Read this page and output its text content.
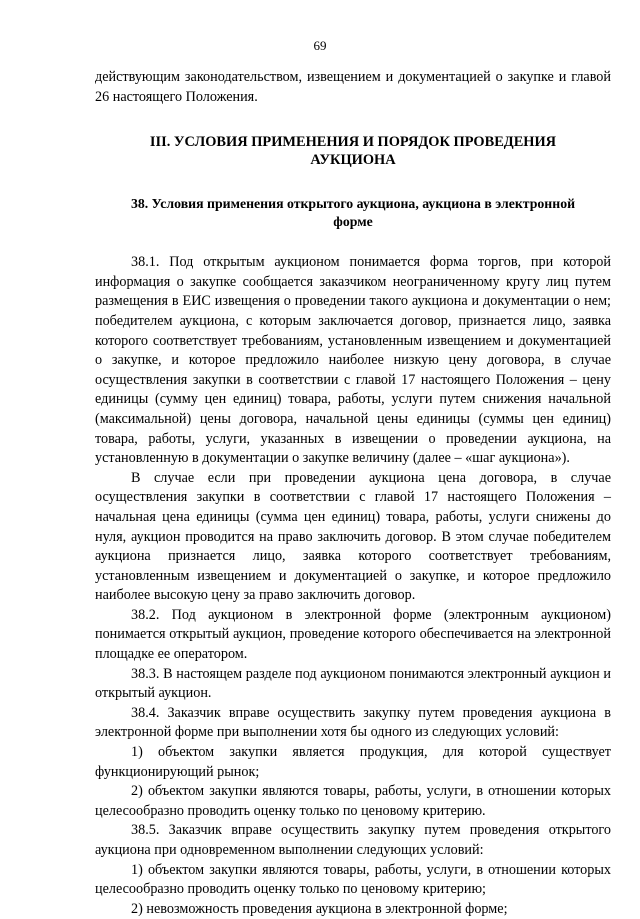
69

действующим законодательством, извещением и документацией о закупке и главой 26 настоящего Положения.

III. УСЛОВИЯ ПРИМЕНЕНИЯ И ПОРЯДОК ПРОВЕДЕНИЯ
АУКЦИОНА
38. Условия применения открытого аукциона, аукциона в электронной
форме

38.1. Под открытым аукционом понимается форма торгов, при которой информация о закупке сообщается заказчиком неограниченному кругу лиц путем размещения в ЕИС извещения о проведении такого аукциона и документации о нем; победителем аукциона, с которым заключается договор, признается лицо, заявка которого соответствует требованиям, установленным извещением и документацией о закупке, и которое предложило наиболее низкую цену договора, в случае осуществления закупки в соответствии с главой 17 настоящего Положения – цену единицы (сумму цен единиц) товара, работы, услуги путем снижения начальной (максимальной) цены договора, начальной цены единицы (суммы цен единиц) товара, работы, услуги, указанных в извещении о проведении аукциона, на установленную в документации о закупке величину (далее – «шаг аукциона»).

В случае если при проведении аукциона цена договора, в случае осуществления закупки в соответствии с главой 17 настоящего Положения – начальная цена единицы (сумма цен единиц) товара, работы, услуги снижены до нуля, аукцион проводится на право заключить договор. В этом случае победителем аукциона признается лицо, заявка которого соответствует требованиям, установленным извещением и документацией о закупке, и которое предложило наиболее высокую цену за право заключить договор.

38.2. Под аукционом в электронной форме (электронным аукционом) понимается открытый аукцион, проведение которого обеспечивается на электронной площадке ее оператором.

38.3. В настоящем разделе под аукционом понимаются электронный аукцион и открытый аукцион.

38.4. Заказчик вправе осуществить закупку путем проведения аукциона в электронной форме при выполнении хотя бы одного из следующих условий:

1) объектом закупки является продукция, для которой существует функционирующий рынок;

2) объектом закупки являются товары, работы, услуги, в отношении которых целесообразно проводить оценку только по ценовому критерию.

38.5. Заказчик вправе осуществить закупку путем проведения открытого аукциона при одновременном выполнении следующих условий:

1) объектом закупки являются товары, работы, услуги, в отношении которых целесообразно проводить оценку только по ценовому критерию;

2) невозможность проведения аукциона в электронной форме;
